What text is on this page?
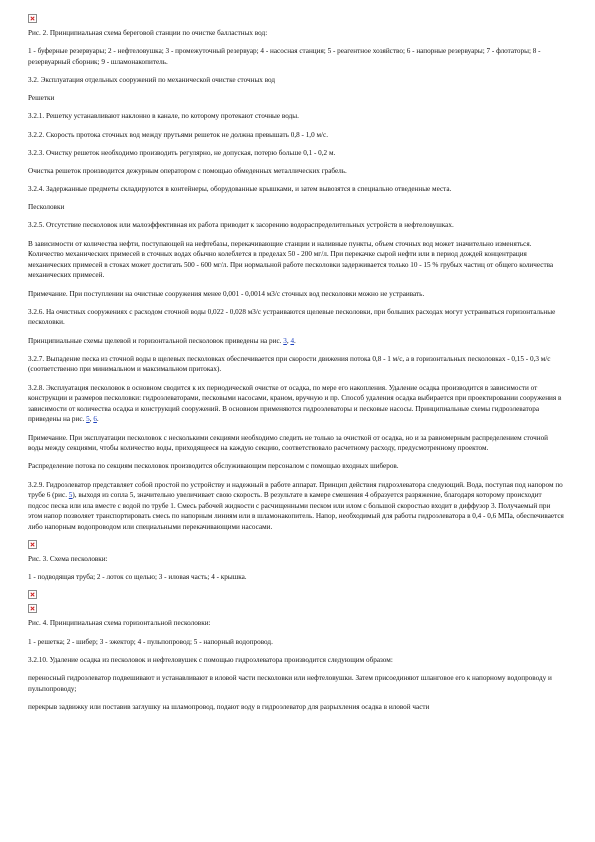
Рис. 2. Принципиальная схема береговой станции по очистке балластных вод:

1 - буферные резервуары; 2 - нефтеловушка; 3 - промежуточный резервуар; 4 - насосная станция; 5 - реагентное хозяйство; 6 - напорные резервуары; 7 - флотаторы; 8 - резервуарный сборник; 9 - шламонакопитель.

3.2. Эксплуатация отдельных сооружений по механической очистке сточных вод

Решетки

3.2.1. Решетку устанавливают наклонно в канале, по которому протекают сточные воды.

3.2.2. Скорость протока сточных вод между прутьями решеток не должна превышать 0,8 - 1,0 м/с.

3.2.3. Очистку решеток необходимо производить регулярно, не допуская, потерю больше 0,1 - 0,2 м.

Очистка решеток производится дежурным оператором с помощью обмеденных металлических грабель.

3.2.4. Задержанные предметы складируются в контейнеры, оборудованные крышками, и затем вывозятся в специально отведенные места.

Песколовки

3.2.5. Отсутствие песколовок или малоэффективная их работа приводит к засорению водораспределительных устройств в нефтеловушках.

В зависимости от количества нефти, поступающей на нефтебазы, перекачивающие станции и наливные пункты, объем сточных вод может значительно изменяться. Количество механических примесей в сточных водах обычно колеблется в пределах 50 - 200 мг/л. При перекачке сырой нефти или в период дождей концентрация механических примесей в стоках может достигать 500 - 600 мг/л. При нормальной работе песколовки задерживается только 10 - 15 % грубых частиц от общего количества механических примесей.

Примечание. При поступлении на очистные сооружения менее 0,001 - 0,0014 м3/с сточных вод песколовки можно не устраивать.

3.2.6. На очистных сооружениях с расходом сточной воды 0,022 - 0,028 м3/с устраиваются щелевые песколовки, при больших расходах могут устраиваться горизонтальные песколовки.

Принципиальные схемы щелевой и горизонтальной песколовок приведены на рис. 3, 4.

3.2.7. Выпадение песка из сточной воды в щелевых песколовках обеспечивается при скорости движения потока 0,8 - 1 м/с, а в горизонтальных песколовках - 0,15 - 0,3 м/с (соответственно при минимальном и максимальном притоках).

3.2.8. Эксплуатация песколовок в основном сводится к их периодической очистке от осадка, по мере его накопления. Удаление осадка производится в зависимости от конструкции и размеров песколовки: гидроэлеваторами, песковыми насосами, краном, вручную и пр. Способ удаления осадка выбирается при проектировании сооружения в зависимости от количества осадка и конструкций сооружений. В основном применяются гидроэлеваторы и песковые насосы. Принципиальные схемы гидроэлеватора приведены на рис. 5, 6.

Примечание. При эксплуатации песколовок с несколькими секциями необходимо следить не только за очисткой от осадка, но и за равномерным распределением сточной воды между секциями, чтобы количество воды, приходящееся на каждую секцию, соответствовало расчетному расходу, предусмотренному проектом.

Распределение потока по секциям песколовок производится обслуживающим персоналом с помощью входных шиберов.

3.2.9. Гидроэлеватор представляет собой простой по устройству и надежный в работе аппарат. Принцип действия гидроэлеватора следующий. Вода, поступая под напором по трубе 6 (рис. 5), выходя из сопла 5, значительно увеличивает свою скорость. В результате в камере смешения 4 образуется разряжение, благодаря которому происходит подсос песка или ила вместе с водой по трубе 1. Смесь рабочей жидкости с расчищенными песком или илом с большой скоростью входит в диффузор 3. Получаемый при этом напор позволяет транспортировать смесь по напорным линиям или в шламонакопитель. Напор, необходимый для работы гидроэлеватора в 0,4 - 0,6 МПа, обеспечивается либо напорным водопроводом или специальными перекачивающими насосами.

Рис. 3. Схема песколовки:

1 - подводящая труба; 2 - лоток со щелью; 3 - иловая часть; 4 - крышка.

Рис. 4. Принципиальная схема горизонтальной песколовки:

1 - решетка; 2 - шибер; 3 - эжектор; 4 - пульпопровод; 5 - напорный водопровод.

3.2.10. Удаление осадка из песколовок и нефтеловушек с помощью гидроэлеватора производится следующим образом:

переносный гидроэлеватор подвешивают и устанавливают в иловой части песколовки или нефтеловушки. Затем присоединяют шланговое его к напорному водопроводу и пульпопроводу;

перекрыв задвижку или поставив заглушку на шламопровод, подают воду в гидроэлеватор для разрыхления осадка в иловой части
